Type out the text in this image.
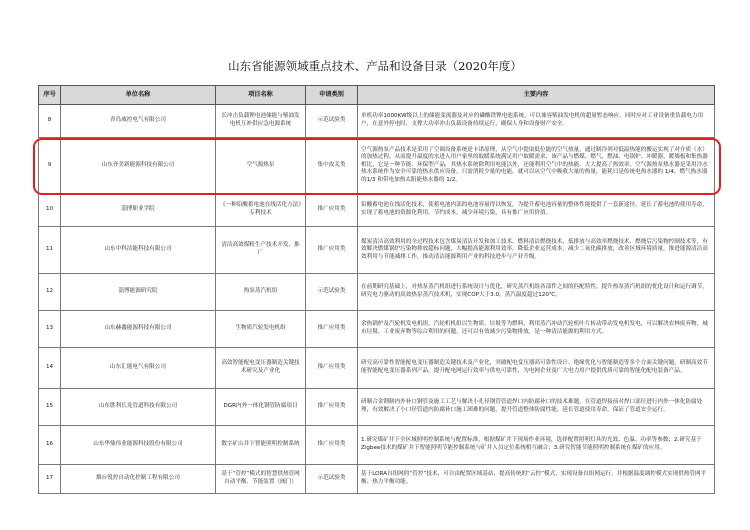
山东省能源领域重点技术、产品和设备目录（2020年度）
序号	单位名称	项目名称	申请类别	主要内容
8	青岛威控电气有限公司	长冲击负载锂电池储能与柴油发电机互补供应急电源系统	示范试验类	单机功率1000KW级以上的储能变流器及对应的磷酸铁锂电池系统，可以兼容柴油发电机的超量暂态响应，同时应对工业设备重负载电力用户，在意外停电时，支撑大功率冲击负载设备持续运行，确保人身和设备财产安全。
9	山东齐美新能源科技有限公司	空气源热泵	集中攻关类	空气源热泵产品技术是采用了空调设备系统逆卡诺原理，从空气中提取低位能的空气热量，通过制冷剂对低温热能的搬运实现了对介质（水）的加热过程，从而提升温度的水进入用户家里的取暖系统满足用户取暖需求，该产品与燃煤、燃气、燃油、电锅炉、冲暖器、暖墙板和集热器相比，它是一种节能、环保型产品，其热水系统除利用电能以外，还能利用空气中的热能，大大提高了热效率。空气源热泵热水器是采用冷水热水系统作为安全可靠的热水供应设备，只需消耗少量的电能，就可以从空气中吸收大量的热量，能耗只是传统电热水器的 1/4、燃气热水器的1/3 和带电加热太阳能热水器的 1/2。
10	淄博职业学院	《一种铅酸蓄电池在线活化方法》专利技术	推广应用类	铅酸蓄电池在线活化技术，使蓄电池内部的电池容量得以恢复，为提升蓄电池容量的整体性能提供了一套新途径，延长了蓄电池的使用寿命，实现了蓄电池的资源化利用，节约成本，减少环境污染，具有推广应用价值。
11	山东中科洁能科技有限公司	清洁高效煤粉生产技术开发、推广	推广应用类	煤炭清洁高效利用的全过程技术包含煤炭清洁开发和加工技术、燃料清洁燃烧技术、低排放与高效率燃烧技术、燃烧后污染物控制技术等，有效解决燃煤锅炉污染物排放超标问题，大幅提高能源利用效率，降低企业运营成本，减少二氧化碳排放，改善区域环境质量，推进能源清洁高效利用与节能减排工作，推动清洁能源利用产业的科技进步与产业升级。
12	淄博能源研究院	热泵蒸汽机组	示范试验类	在前期研究基础上，对热泵蒸汽机组进行系统设计与优化，研究蒸汽机组各部件之间的匹配特性，提升热泵蒸汽机组的优化设计和运行调节，研究电力驱动的高效热泵蒸汽技术机，实现COP大于3.0，蒸汽温度超过120℃。
13	山东赫鑫能源科技有限公司	生物质汽轮发电机组	推广应用类	余热锅炉及汽轮机发电机组，汽轮机机组以生物质、垃圾等为燃料，利用蒸汽冲动汽轮机叶片转动带动发电机发电，可以解决农林废弃物、城市垃圾、工业废弃物等综合利用的问题，还可以有效减少污染物排放，是一种清洁能源的利用方式。
14	山东汇能电气有限公司	高效智能配电变压器制造关键技术研究及产业化	推广应用类	研究高可靠性智能配电变压器制造关键技术及产业化，突破配电变压器高可靠性设计、绝缘优化与智能制造等多个方面关键问题，研制高效节能智能配电变压器系列产品，提升配电网运行效率与供电可靠性，为电网企业及广大电力用户提供优质可靠的智能化配电装备产品。
15	山东胜利长龙管道科技有限公司	DGR内外一体化钢管防腐项目	推广应用类	研制合金钢制内外补口钢管及施工工艺与解决小孔径钢管管道焊口内防腐补口的技术难题，在管道焊接前对焊口部位进行内外一体化防腐处理，有效解决了小口径管道内防腐补口施工困难的问题，提升管道整体防腐性能，延长管道使用寿命，保证了管道安全运行。
16	山东华鼎伟业能源科技股份有限公司	数字矿山井下智能照明控制系统	推广应用类	1.研究煤矿井下全区域照明控制系统与配置标准，根据煤矿井下现场作业环境，选择配置照明灯具的光效、色温、功率等参数；2.研究基于Zigbee技术的煤矿井下智能照明节能控制系统与矿井人员定位系统相互融合；3.研究智能节能照明控制系统在煤矿的应用。
17	烟台锐控自动化控制工程有限公司	基于“管控”模式的智慧供热管网自动平衡、节能装置（阀门）	示范试验类	基于LORA自组网的“管控”技术，可自由配置区域基站，提高传统的“云控”模式，实现设备自组网运行，并根据温度调控模式实现供热管网平衡、热力平衡功能。
